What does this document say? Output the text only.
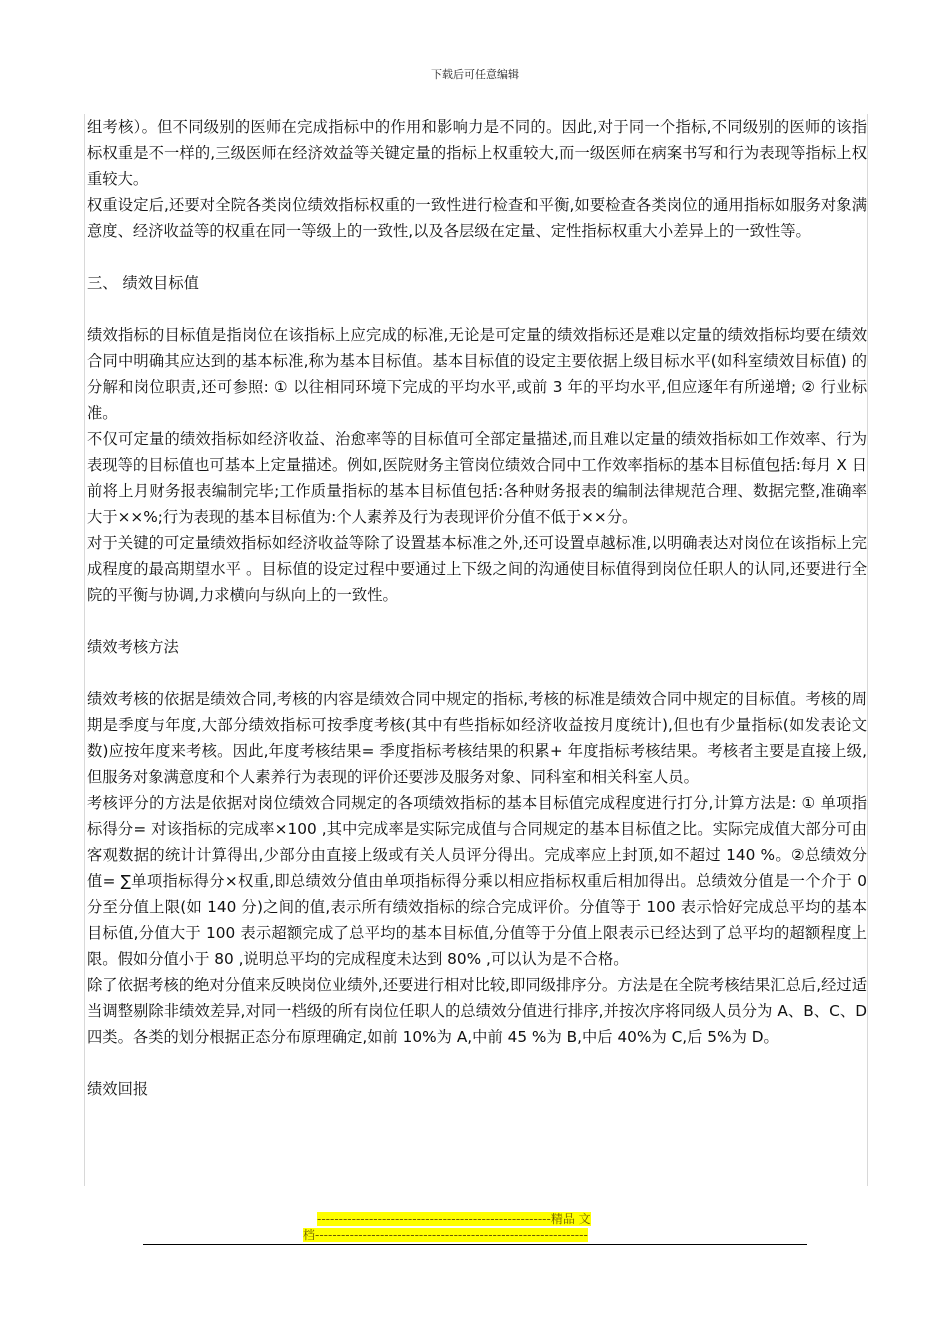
下载后可任意编辑

组考核）。但不同级别的医师在完成指标中的作用和影响力是不同的。因此,对于同一个指标,不同级别的医师的该指标权重是不一样的,三级医师在经济效益等关键定量的指标上权重较大,而一级医师在病案书写和行为表现等指标上权重较大。

权重设定后,还要对全院各类岗位绩效指标权重的一致性进行检查和平衡,如要检查各类岗位的通用指标如服务对象满意度、经济收益等的权重在同一等级上的一致性,以及各层级在定量、定性指标权重大小差异上的一致性等。

三、 绩效目标值

绩效指标的目标值是指岗位在该指标上应完成的标准,无论是可定量的绩效指标还是难以定量的绩效指标均要在绩效合同中明确其应达到的基本标准,称为基本目标值。基本目标值的设定主要依据上级目标水平(如科室绩效目标值) 的分解和岗位职责,还可参照: ① 以往相同环境下完成的平均水平,或前 3 年的平均水平,但应逐年有所递增; ② 行业标准。

不仅可定量的绩效指标如经济收益、治愈率等的目标值可全部定量描述,而且难以定量的绩效指标如工作效率、行为表现等的目标值也可基本上定量描述。例如,医院财务主管岗位绩效合同中工作效率指标的基本目标值包括:每月 X 日前将上月财务报表编制完毕;工作质量指标的基本目标值包括:各种财务报表的编制法律规范合理、数据完整,准确率大于××%;行为表现的基本目标值为:个人素养及行为表现评价分值不低于××分。

对于关键的可定量绩效指标如经济收益等除了设置基本标准之外,还可设置卓越标准,以明确表达对岗位在该指标上完成程度的最高期望水平 。目标值的设定过程中要通过上下级之间的沟通使目标值得到岗位任职人的认同,还要进行全院的平衡与协调,力求横向与纵向上的一致性。

绩效考核方法

绩效考核的依据是绩效合同,考核的内容是绩效合同中规定的指标,考核的标准是绩效合同中规定的目标值。考核的周期是季度与年度,大部分绩效指标可按季度考核(其中有些指标如经济收益按月度统计),但也有少量指标(如发表论文数)应按年度来考核。因此,年度考核结果= 季度指标考核结果的积累+ 年度指标考核结果。考核者主要是直接上级,但服务对象满意度和个人素养行为表现的评价还要涉及服务对象、同科室和相关科室人员。

考核评分的方法是依据对岗位绩效合同规定的各项绩效指标的基本目标值完成程度进行打分,计算方法是: ① 单项指标得分= 对该指标的完成率×100 ,其中完成率是实际完成值与合同规定的基本目标值之比。实际完成值大部分可由客观数据的统计计算得出,少部分由直接上级或有关人员评分得出。完成率应上封顶,如不超过 140 %。②总绩效分值= ∑单项指标得分×权重,即总绩效分值由单项指标得分乘以相应指标权重后相加得出。总绩效分值是一个介于 0 分至分值上限(如 140 分)之间的值,表示所有绩效指标的综合完成评价。分值等于 100 表示恰好完成总平均的基本目标值,分值大于 100 表示超额完成了总平均的基本目标值,分值等于分值上限表示已经达到了总平均的超额程度上限。假如分值小于 80 ,说明总平均的完成程度未达到 80% ,可以认为是不合格。

除了依据考核的绝对分值来反映岗位业绩外,还要进行相对比较,即同级排序分。方法是在全院考核结果汇总后,经过适当调整剔除非绩效差异,对同一档级的所有岗位任职人的总绩效分值进行排序,并按次序将同级人员分为 A、B、C、D 四类。各类的划分根据正态分布原理确定,如前 10%为 A,中前 45 %为 B,中后 40%为 C,后 5%为 D。

绩效回报

------------------------------------------------------精品 文
档---------------------------------------------------------------
